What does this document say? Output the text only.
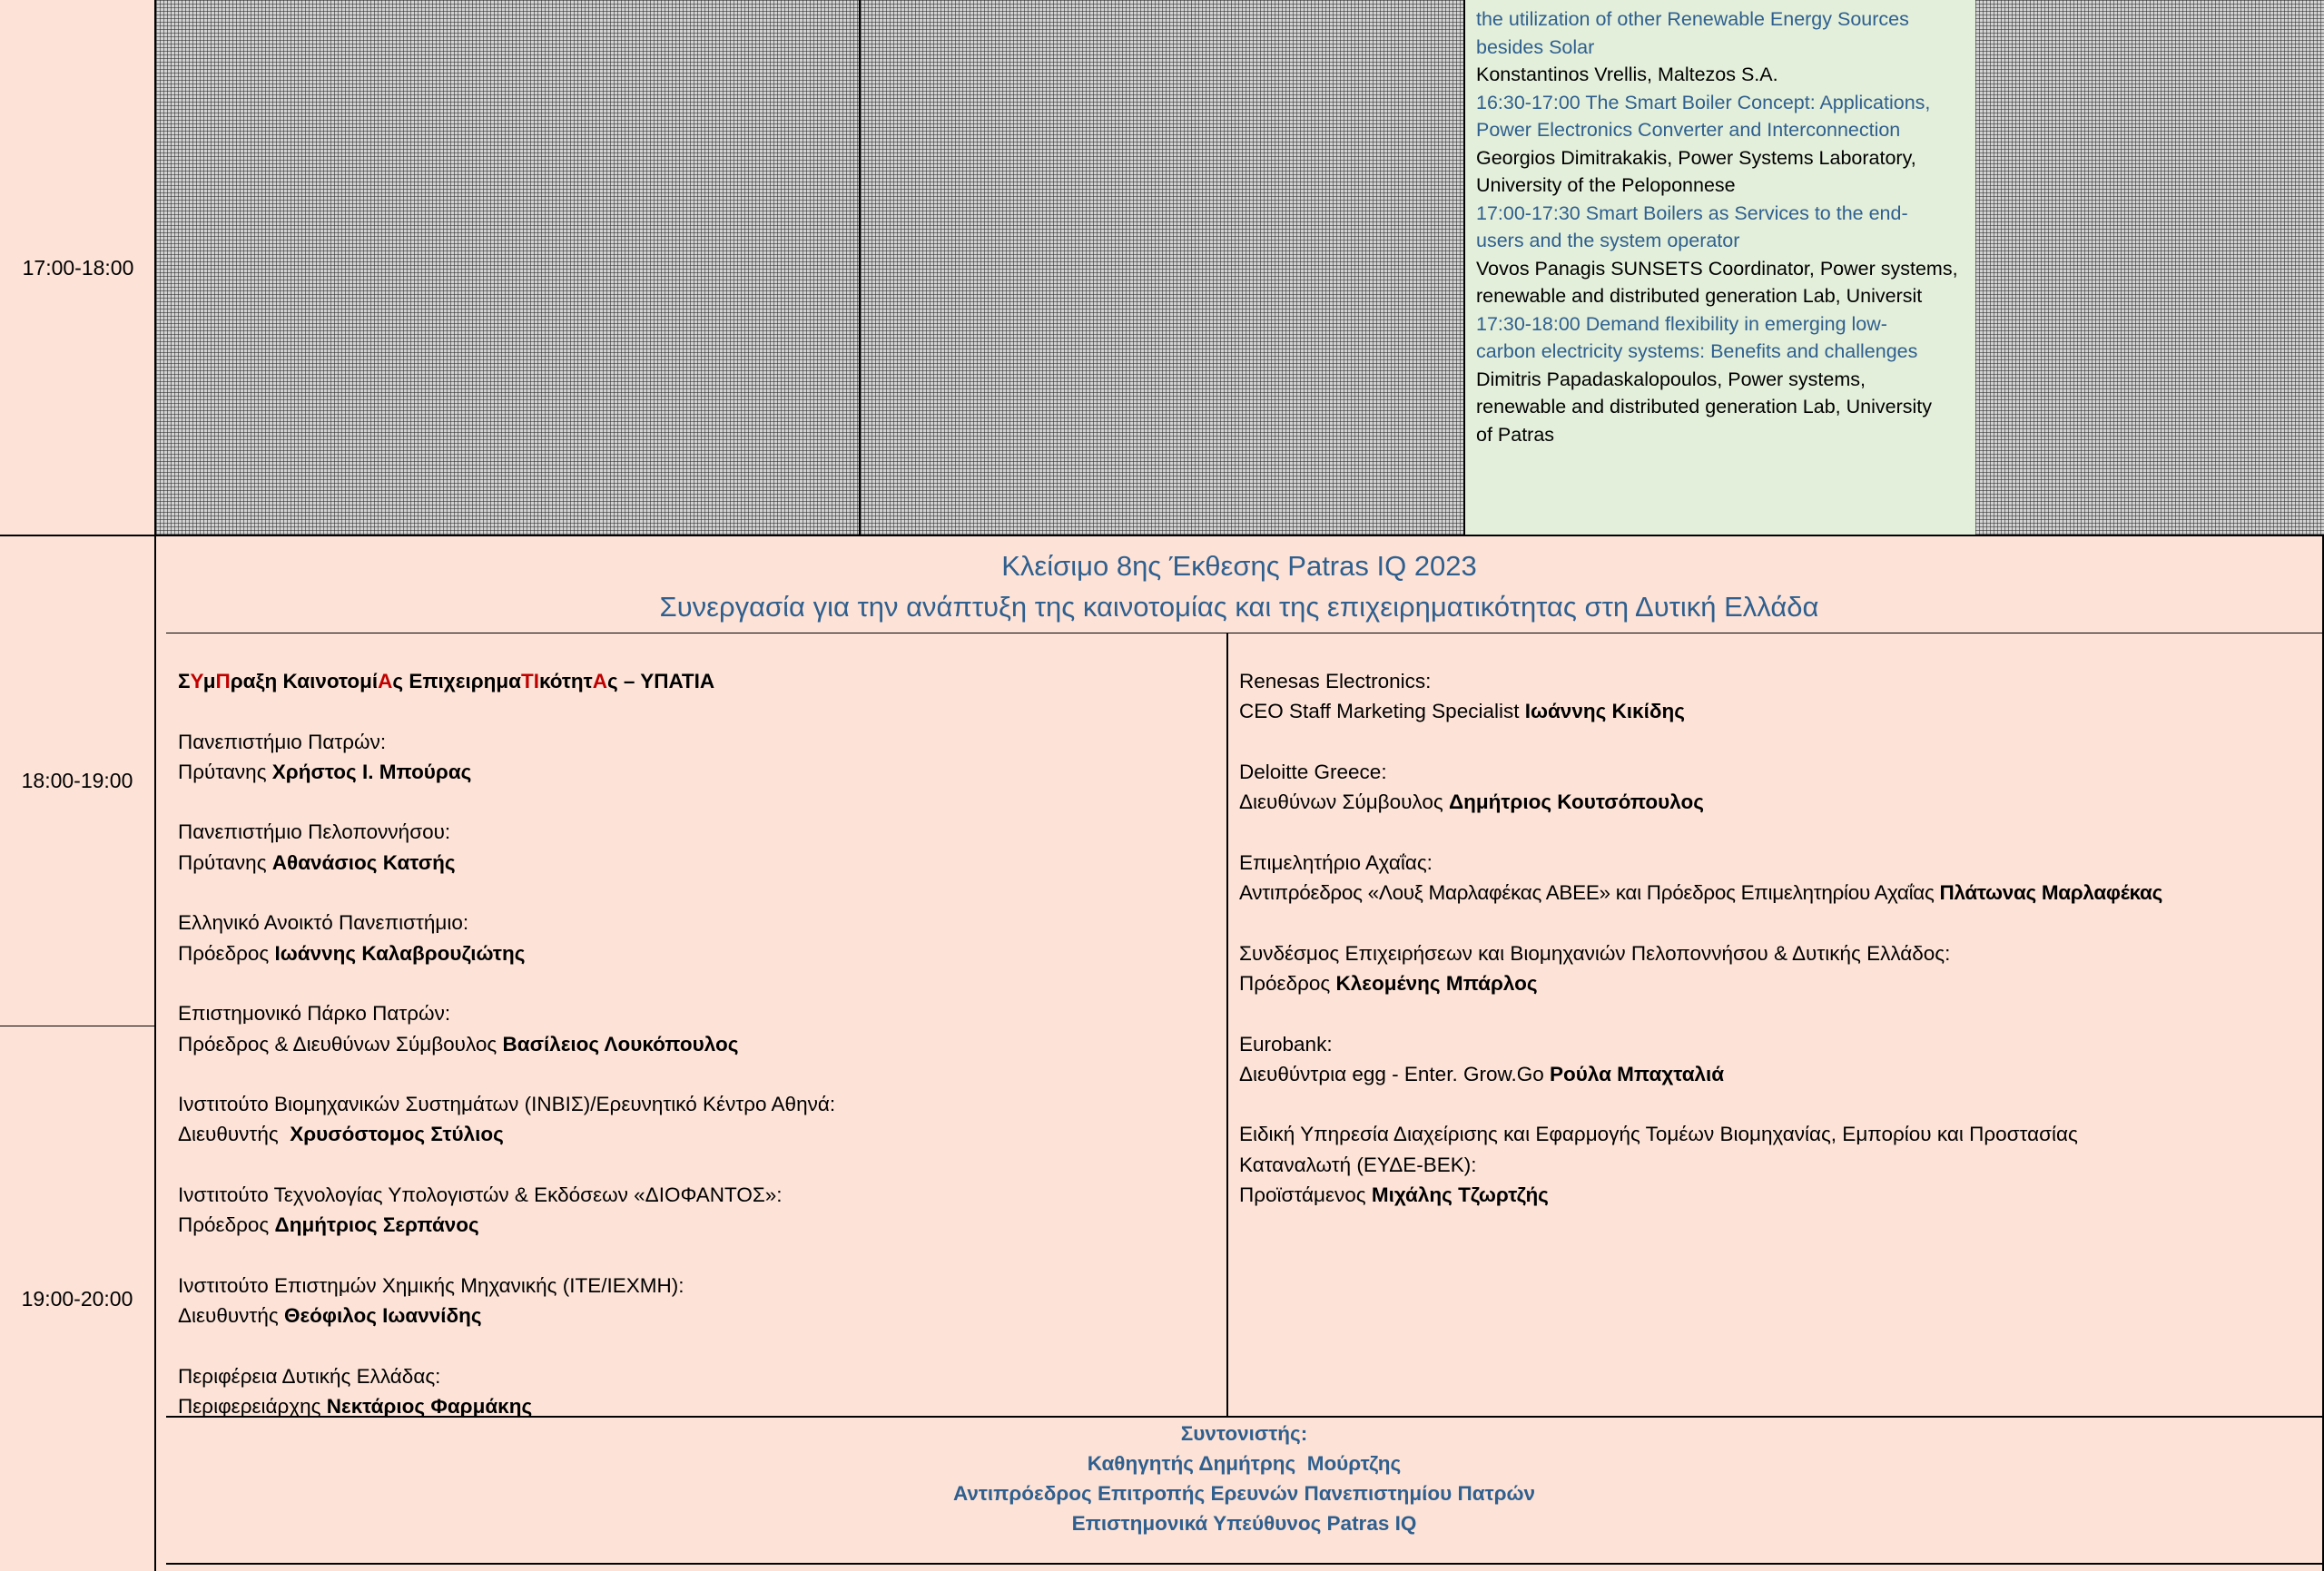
17:00-18:00
the utilization of other Renewable Energy Sources
besides Solar
Konstantinos Vrellis, Maltezos S.A.
16:30-17:00 The Smart Boiler Concept: Applications,
Power Electronics Converter and Interconnection
Georgios Dimitrakakis, Power Systems Laboratory,
University of the Peloponnese
17:00-17:30 Smart Boilers as Services to the end-
users and the system operator
Vovos Panagis SUNSETS Coordinator, Power systems,
renewable and distributed generation Lab, Universit
17:30-18:00 Demand flexibility in emerging low-
carbon electricity systems: Benefits and challenges
Dimitris Papadaskalopoulos, Power systems,
renewable and distributed generation Lab, University
of Patras
18:00-19:00
19:00-20:00
Κλείσιμο 8ης Έκθεσης Patras IQ 2023
Συνεργασία για την ανάπτυξη της καινοτομίας και της επιχειρηματικότητας στη Δυτική Ελλάδα

ΣΥμΠραξη ΚαινοτομίΑς ΕπιχειρημαΤΙκότητΑς – ΥΠΑΤΙΑ

Πανεπιστήμιο Πατρών:

Πρύτανης Χρήστος Ι. Μπούρας

Πανεπιστήμιο Πελοποννήσου:

Πρύτανης Αθανάσιος Κατσής

Ελληνικό Ανοικτό Πανεπιστήμιο:

Πρόεδρος Ιωάννης Καλαβρουζιώτης

Επιστημονικό Πάρκο Πατρών:

Πρόεδρος & Διευθύνων Σύμβουλος Βασίλειος Λουκόπουλος

Ινστιτούτο Βιομηχανικών Συστημάτων (ΙΝΒΙΣ)/Ερευνητικό Κέντρο Αθηνά:

Διευθυντής  Χρυσόστομος Στύλιος

Ινστιτούτο Τεχνολογίας Υπολογιστών & Εκδόσεων «ΔΙΟΦΑΝΤΟΣ»:

Πρόεδρος Δημήτριος Σερπάνος

Ινστιτούτο Επιστημών Χημικής Μηχανικής (ΙΤΕ/ΙΕΧΜΗ):

Διευθυντής Θεόφιλος Ιωαννίδης

Περιφέρεια Δυτικής Ελλάδας:

Περιφερειάρχης Νεκτάριος Φαρμάκης

Renesas Electronics:

CEO Staff Marketing Specialist Ιωάννης Κικίδης

Deloitte Greece:

Διευθύνων Σύμβουλος Δημήτριος Κουτσόπουλος

Επιμελητήριο Αχαΐας:

Αντιπρόεδρος «Λουξ Μαρλαφέκας ΑΒΕΕ» και Πρόεδρος Επιμελητηρίου Αχαΐας Πλάτωνας Μαρλαφέκας

Συνδέσμος Επιχειρήσεων και Βιομηχανιών Πελοποννήσου & Δυτικής Ελλάδος:

Πρόεδρος Κλεομένης Μπάρλος

Eurobank:

Διευθύντρια egg - Enter. Grow.Go Ρούλα Μπαχταλιά

Ειδική Υπηρεσία Διαχείρισης και Εφαρμογής Τομέων Βιομηχανίας, Εμπορίου και Προστασίας

Καταναλωτή (ΕΥΔΕ-ΒΕΚ):

Προϊστάμενος Μιχάλης Τζωρτζής

Συντονιστής:
Καθηγητής Δημήτρης  Μούρτζης
Αντιπρόεδρος Επιτροπής Ερευνών Πανεπιστημίου Πατρών
Επιστημονικά Υπεύθυνος Patras IQ
